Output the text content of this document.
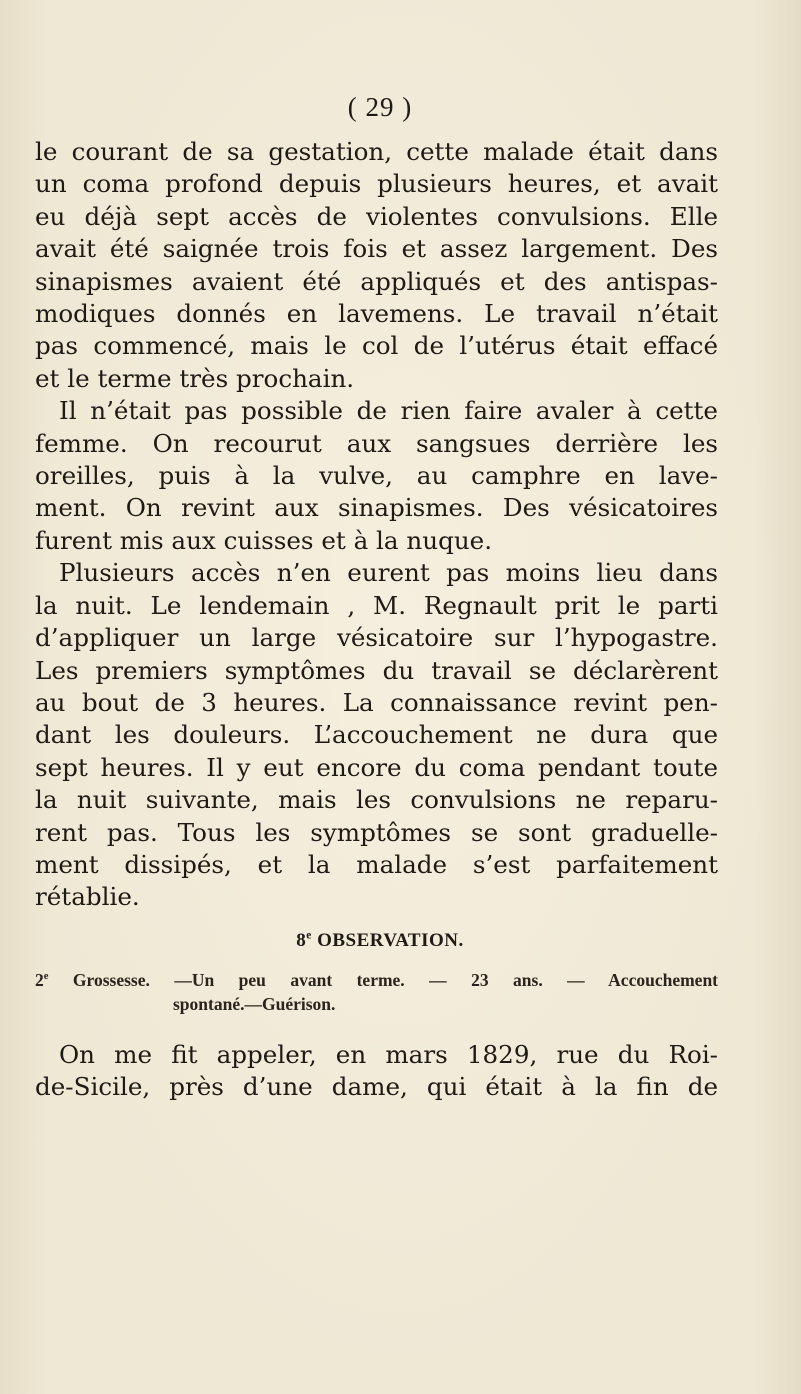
( 29 )
le courant de sa gestation, cette malade était dans
un coma profond depuis plusieurs heures, et avait
eu déjà sept accès de violentes convulsions. Elle
avait été saignée trois fois et assez largement. Des
sinapismes avaient été appliqués et des antispas-
modiques donnés en lavemens. Le travail n’était
pas commencé, mais le col de l’utérus était effacé
et le terme très prochain.
Il n’était pas possible de rien faire avaler à cette
femme. On recourut aux sangsues derrière les
oreilles, puis à la vulve, au camphre en lave-
ment. On revint aux sinapismes. Des vésicatoires
furent mis aux cuisses et à la nuque.
Plusieurs accès n’en eurent pas moins lieu dans
la nuit. Le lendemain , M. Regnault prit le parti
d’appliquer un large vésicatoire sur l’hypogastre.
Les premiers symptômes du travail se déclarèrent
au bout de 3 heures. La connaissance revint pen-
dant les douleurs. L’accouchement ne dura que
sept heures. Il y eut encore du coma pendant toute
la nuit suivante, mais les convulsions ne reparu-
rent pas. Tous les symptômes se sont graduelle-
ment dissipés, et la malade s’est parfaitement
rétablie.
8e OBSERVATION.
2e Grossesse. —Un peu avant terme. — 23 ans. — Accouchement
spontané.—Guérison.
On me fit appeler, en mars 1829, rue du Roi-
de-Sicile, près d’une dame, qui était à la fin de
